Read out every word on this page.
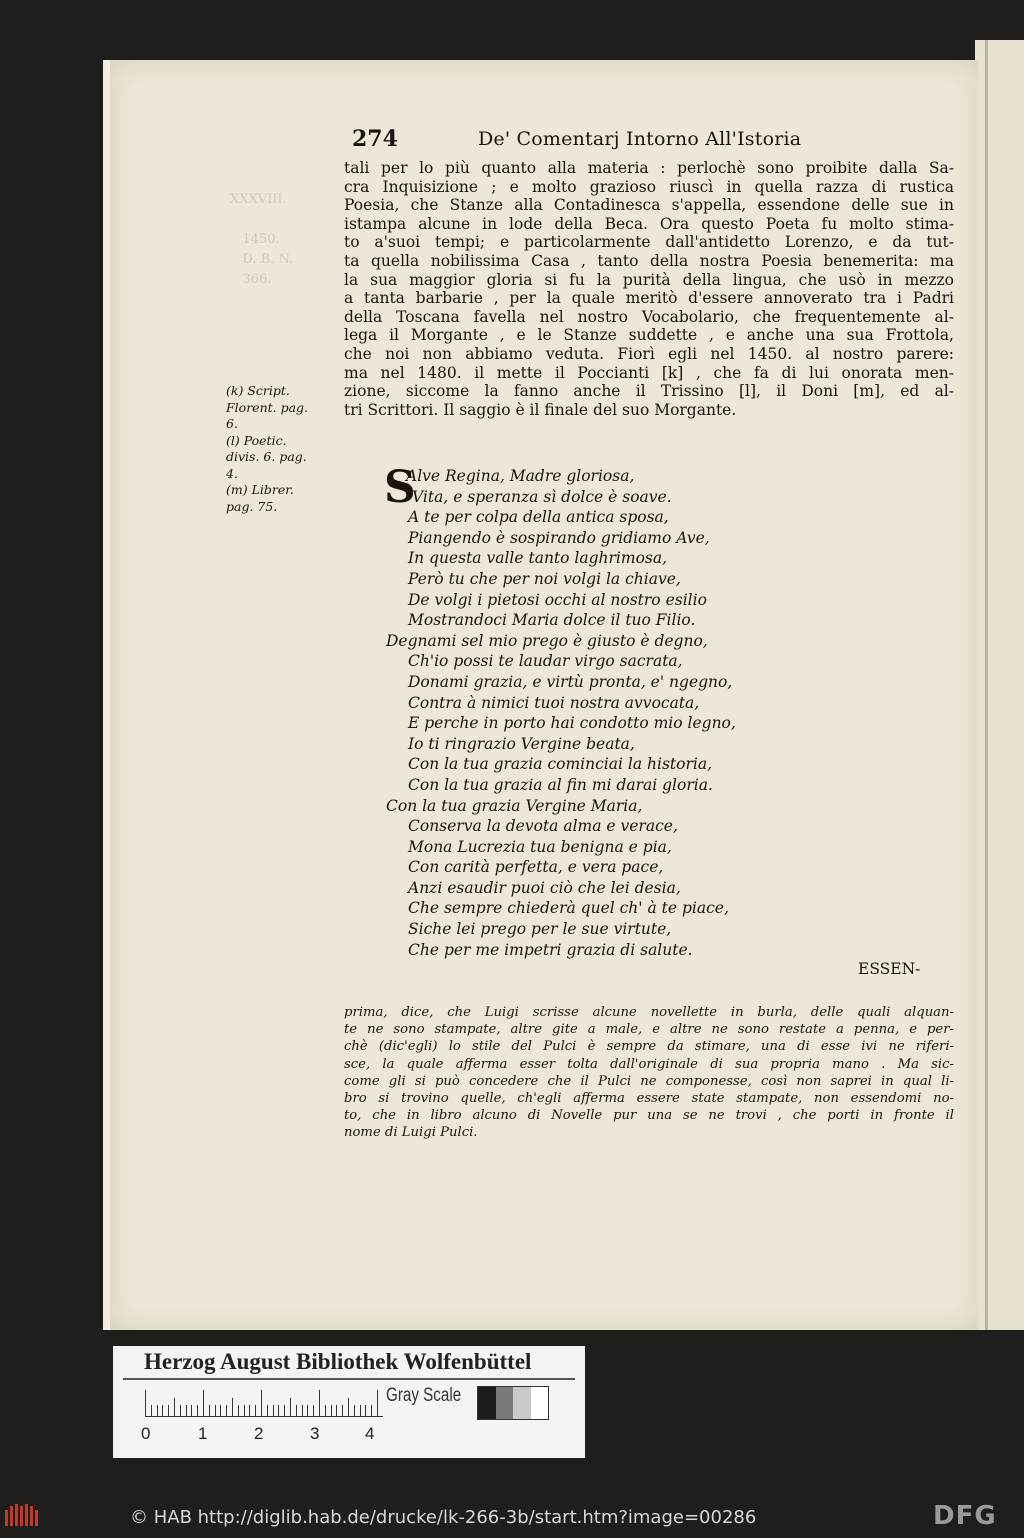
XXXVIII.

1450.
D. B. N.
366.
274	De' Comentarj Intorno All'Istoria
tali per lo più quanto alla materia : perlochè sono proibite dalla Sa-
cra Inquisizione ; e molto grazioso riuscì in quella razza di rustica
Poesia, che Stanze alla Contadinesca s'appella, essendone delle sue in
istampa alcune in lode della Beca. Ora questo Poeta fu molto stima-
to a'suoi tempi; e particolarmente dall'antidetto Lorenzo, e da tut-
ta quella nobilissima Casa , tanto della nostra Poesia benemerita: ma
la sua maggior gloria si fu la purità della lingua, che usò in mezzo
a tanta barbarie , per la quale meritò d'essere annoverato tra i Padri
della Toscana favella nel nostro Vocabolario, che frequentemente al-
lega il Morgante , e le Stanze suddette , e anche una sua Frottola,
che noi non abbiamo veduta. Fiorì egli nel 1450. al nostro parere:
ma nel 1480. il mette il Poccianti [k] , che fa di lui onorata men-
zione, siccome la fanno anche il Trissino [l], il Doni [m], ed al-
tri Scrittori. Il saggio è il finale del suo Morgante.
(k) Script.
Florent. pag.
6.
(l) Poetic.
divis. 6. pag.
4.
(m) Librer.
pag. 75.	S
Alve Regina, Madre gloriosa,
Vita, e speranza sì dolce è soave.
A te per colpa della antica sposa,
Piangendo è sospirando gridiamo Ave,
In questa valle tanto laghrimosa,
Però tu che per noi volgi la chiave,
De volgi i pietosi occhi al nostro esilio
Mostrandoci Maria dolce il tuo Filio.
Degnami sel mio prego è giusto è degno,
Ch'io possi te laudar virgo sacrata,
Donami grazia, e virtù pronta, e' ngegno,
Contra à nimici tuoi nostra avvocata,
E perche in porto hai condotto mio legno,
Io ti ringrazio Vergine beata,
Con la tua grazia cominciai la historia,
Con la tua grazia al fin mi darai gloria.
Con la tua grazia Vergine Maria,
Conserva la devota alma e verace,
Mona Lucrezia tua benigna e pia,
Con carità perfetta, e vera pace,
Anzi esaudir puoi ciò che lei desia,
Che sempre chiederà quel ch' à te piace,
Siche lei prego per le sue virtute,
Che per me impetri grazia di salute.
ESSEN-
prima, dice, che Luigi scrisse alcune novellette in burla, delle quali alquan-
te ne sono stampate, altre gite a male, e altre ne sono restate a penna, e per-
chè (dic'egli) lo stile del Pulci è sempre da stimare, una di esse ivi ne riferi-
sce, la quale afferma esser tolta dall'originale di sua propria mano . Ma sic-
come gli si può concedere che il Pulci ne componesse, così non saprei in qual li-
bro si trovino quelle, ch'egli afferma essere state stampate, non essendomi no-
to, che in libro alcuno di Novelle pur una se ne trovi , che porti in fronte il
nome di Luigi Pulci.
Herzog August Bibliothek Wolfenbüttel
0	1	2	3	4
Gray Scale
© HAB http://diglib.hab.de/drucke/lk-266-3b/start.htm?image=00286	DFG
